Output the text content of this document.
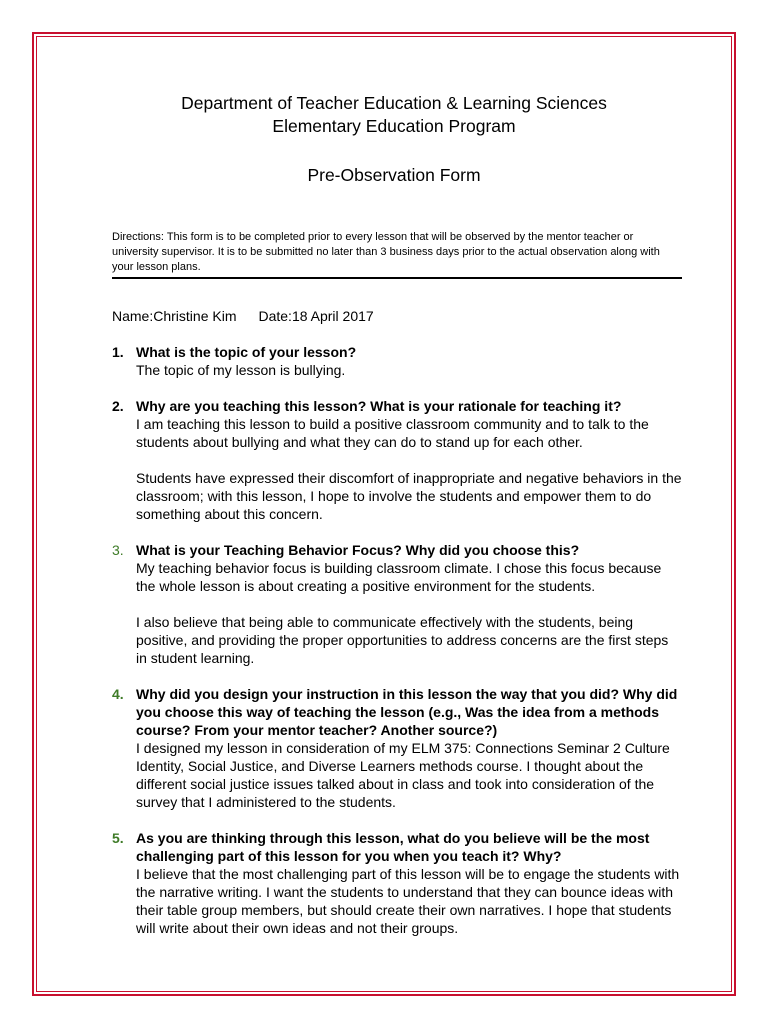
Department of Teacher Education & Learning Sciences
Elementary Education Program
Pre-Observation Form
Directions: This form is to be completed prior to every lesson that will be observed by the mentor teacher or university supervisor. It is to be submitted no later than 3 business days prior to the actual observation along with your lesson plans.
Name:Christine Kim Date:18 April 2017
1. What is the topic of your lesson?
The topic of my lesson is bullying.
2. Why are you teaching this lesson? What is your rationale for teaching it?
I am teaching this lesson to build a positive classroom community and to talk to the students about bullying and what they can do to stand up for each other.
Students have expressed their discomfort of inappropriate and negative behaviors in the classroom; with this lesson, I hope to involve the students and empower them to do something about this concern.
3. What is your Teaching Behavior Focus? Why did you choose this?
My teaching behavior focus is building classroom climate. I chose this focus because the whole lesson is about creating a positive environment for the students.
I also believe that being able to communicate effectively with the students, being positive, and providing the proper opportunities to address concerns are the first steps in student learning.
4. Why did you design your instruction in this lesson the way that you did? Why did you choose this way of teaching the lesson (e.g., Was the idea from a methods course? From your mentor teacher? Another source?)
I designed my lesson in consideration of my ELM 375: Connections Seminar 2 Culture Identity, Social Justice, and Diverse Learners methods course. I thought about the different social justice issues talked about in class and took into consideration of the survey that I administered to the students.
5. As you are thinking through this lesson, what do you believe will be the most challenging part of this lesson for you when you teach it? Why?
I believe that the most challenging part of this lesson will be to engage the students with the narrative writing. I want the students to understand that they can bounce ideas with their table group members, but should create their own narratives. I hope that students will write about their own ideas and not their groups.
